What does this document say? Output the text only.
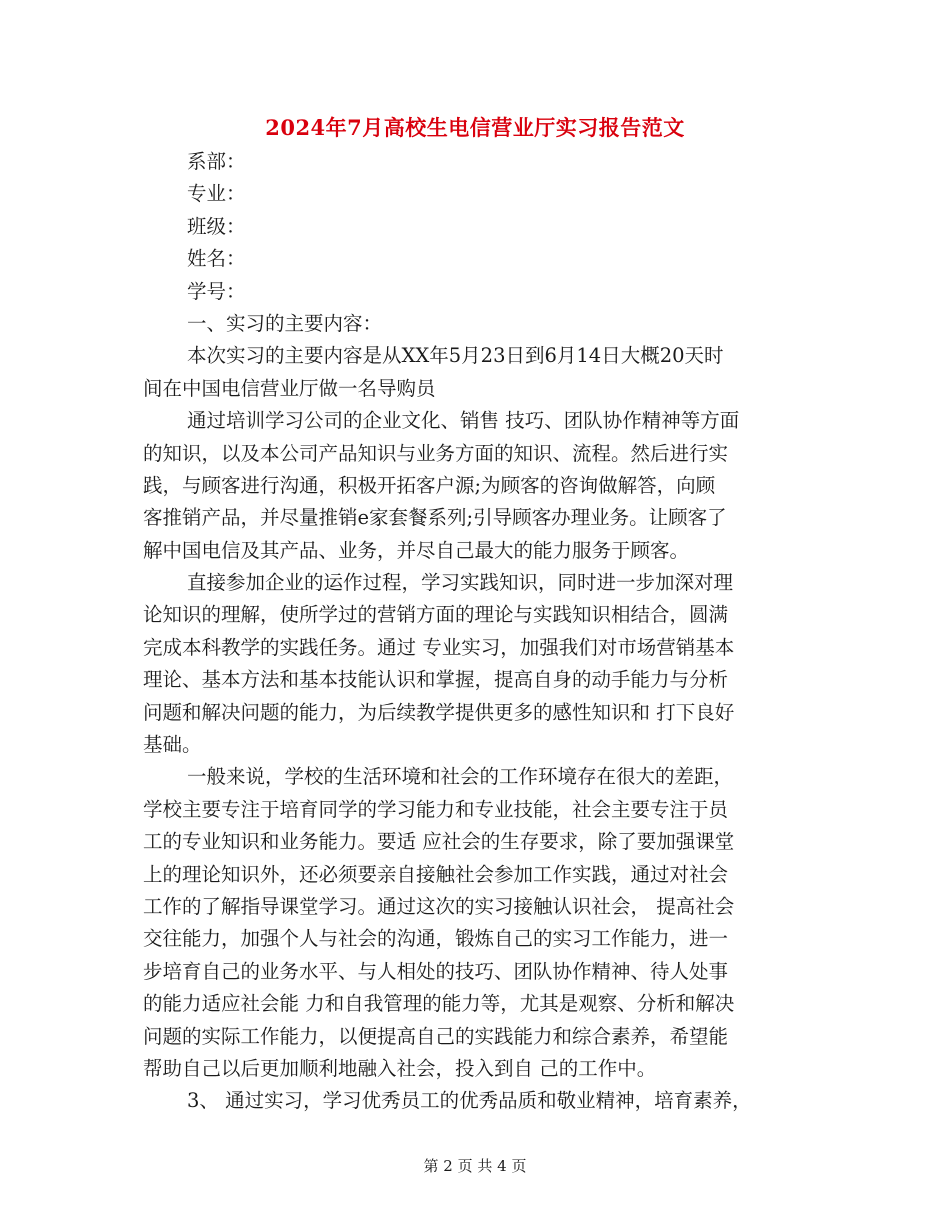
2024年7月高校生电信营业厅实习报告范文
系部：
专业：
班级：
姓名：
学号：
一、实习的主要内容：
本次实习的主要内容是从XX年5月23日到6月14日大概20天时
间在中国电信营业厅做一名导购员
通过培训学习公司的企业文化、销售 技巧、团队协作精神等方面
的知识，以及本公司产品知识与业务方面的知识、流程。然后进行实
践，与顾客进行沟通，积极开拓客户源;为顾客的咨询做解答，向顾
客推销产品，并尽量推销e家套餐系列;引导顾客办理业务。让顾客了
解中国电信及其产品、业务，并尽自己最大的能力服务于顾客。
直接参加企业的运作过程，学习实践知识，同时进一步加深对理
论知识的理解，使所学过的营销方面的理论与实践知识相结合，圆满
完成本科教学的实践任务。通过 专业实习，加强我们对市场营销基本
理论、基本方法和基本技能认识和掌握，提高自身的动手能力与分析
问题和解决问题的能力，为后续教学提供更多的感性知识和 打下良好
基础。
一般来说，学校的生活环境和社会的工作环境存在很大的差距，
学校主要专注于培育同学的学习能力和专业技能，社会主要专注于员
工的专业知识和业务能力。要适 应社会的生存要求，除了要加强课堂
上的理论知识外，还必须要亲自接触社会参加工作实践，通过对社会
工作的了解指导课堂学习。通过这次的实习接触认识社会， 提高社会
交往能力，加强个人与社会的沟通，锻炼自己的实习工作能力，进一
步培育自己的业务水平、与人相处的技巧、团队协作精神、待人处事
的能力适应社会能 力和自我管理的能力等，尤其是观察、分析和解决
问题的实际工作能力，以便提高自己的实践能力和综合素养，希望能
帮助自己以后更加顺利地融入社会，投入到自 己的工作中。
3、 通过实习，学习优秀员工的优秀品质和敬业精神，培育素养，
第 2 页 共 4 页
